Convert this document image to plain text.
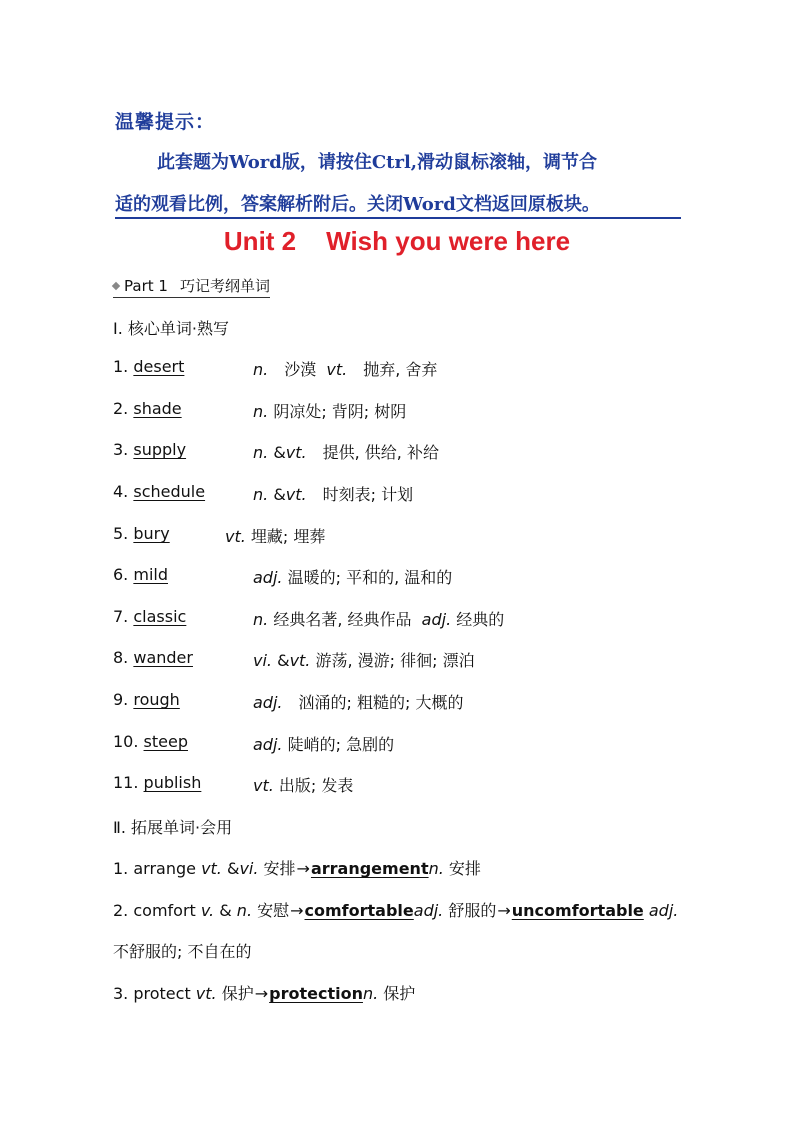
温馨提示：
此套题为Word版，请按住Ctrl,滑动鼠标滚轴，调节合
适的观看比例，答案解析附后。关闭Word文档返回原板块。
Unit 2 Wish you were here
Part 1 巧记考纲单词
Ⅰ. 核心单词·熟写
1. desert	n.　沙漠 vt.　抛弃, 舍弃
2. shade	n. 阴凉处; 背阴; 树阴
3. supply	n. &vt.　提供, 供给, 补给
4. schedule	n. &vt.　时刻表; 计划
5. bury	vt. 埋藏; 埋葬
6. mild	adj. 温暖的; 平和的, 温和的
7. classic	n. 经典名著, 经典作品 adj. 经典的
8. wander	vi. &vt. 游荡, 漫游; 徘徊; 漂泊
9. rough	adj.　汹涌的; 粗糙的; 大概的
10. steep	adj. 陡峭的; 急剧的
11. publish	vt. 出版; 发表
Ⅱ. 拓展单词·会用
1. arrange vt. &vi. 安排→arrangementn. 安排
2. comfort v. & n. 安慰→comfortableadj. 舒服的→uncomfortable adj.
不舒服的; 不自在的
3. protect vt. 保护→protectionn. 保护
